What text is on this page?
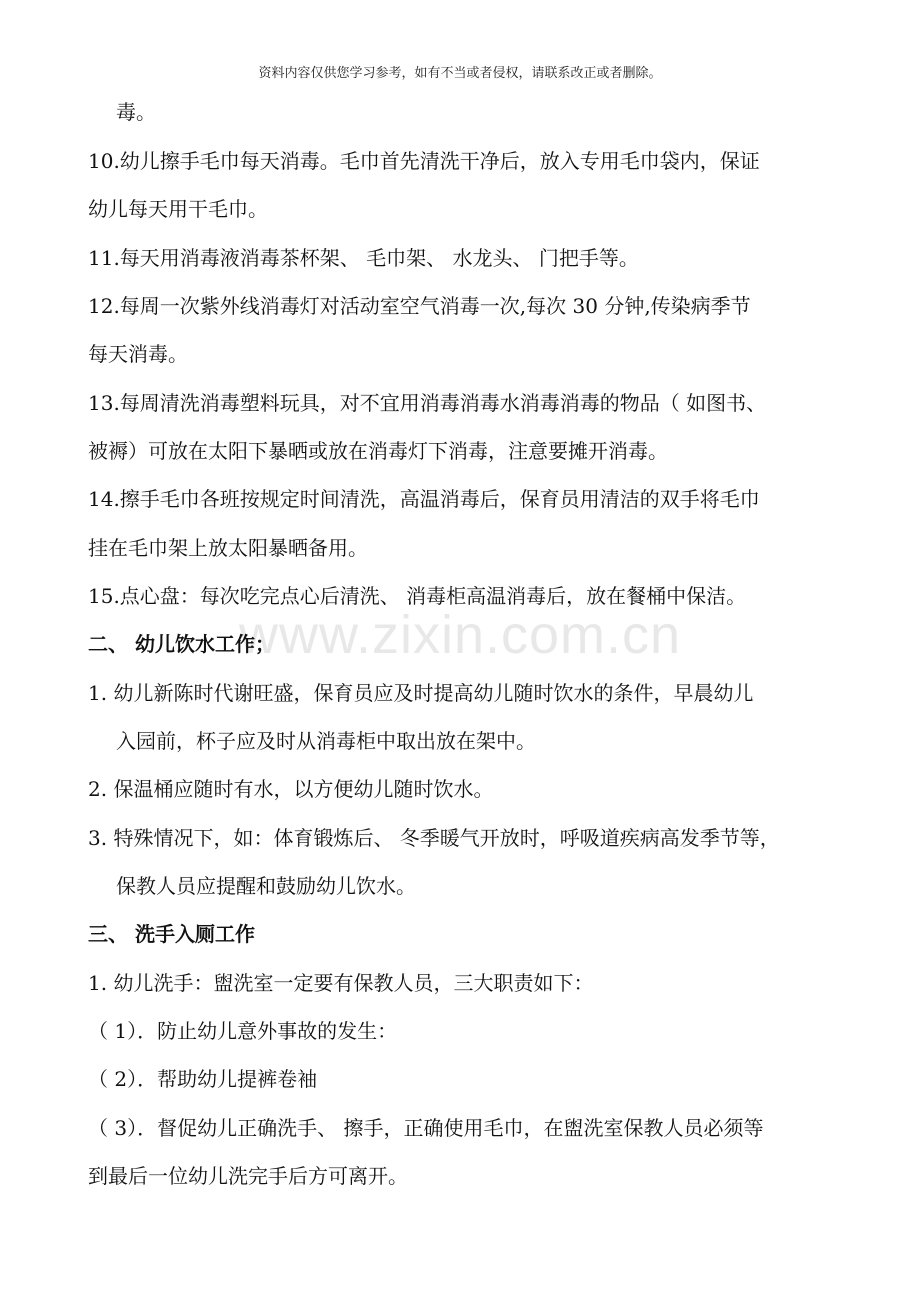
资料内容仅供您学习参考，如有不当或者侵权，请联系改正或者删除。
www.zixin.com.cn
毒。
10.幼儿擦手毛巾每天消毒。毛巾首先清洗干净后，放入专用毛巾袋内，保证
幼儿每天用干毛巾。
11.每天用消毒液消毒茶杯架、 毛巾架、 水龙头、 门把手等。
12.每周一次紫外线消毒灯对活动室空气消毒一次,每次 30 分钟,传染病季节
每天消毒。
13.每周清洗消毒塑料玩具，对不宜用消毒消毒水消毒消毒的物品（ 如图书、
被褥）可放在太阳下暴晒或放在消毒灯下消毒，注意要摊开消毒。
14.擦手毛巾各班按规定时间清洗，高温消毒后，保育员用清洁的双手将毛巾
挂在毛巾架上放太阳暴晒备用。
15.点心盘：每次吃完点心后清洗、 消毒柜高温消毒后，放在餐桶中保洁。
二、 幼儿饮水工作；
1. 幼儿新陈时代谢旺盛，保育员应及时提高幼儿随时饮水的条件，早晨幼儿
入园前，杯子应及时从消毒柜中取出放在架中。
2. 保温桶应随时有水，以方便幼儿随时饮水。
3. 特殊情况下，如：体育锻炼后、 冬季暖气开放时，呼吸道疾病高发季节等，
保教人员应提醒和鼓励幼儿饮水。
三、 洗手入厕工作
1. 幼儿洗手：盥洗室一定要有保教人员，三大职责如下：
（ 1）．防止幼儿意外事故的发生：
（ 2）．帮助幼儿提裤卷袖
（ 3）．督促幼儿正确洗手、 擦手，正确使用毛巾，在盥洗室保教人员必须等
到最后一位幼儿洗完手后方可离开。
